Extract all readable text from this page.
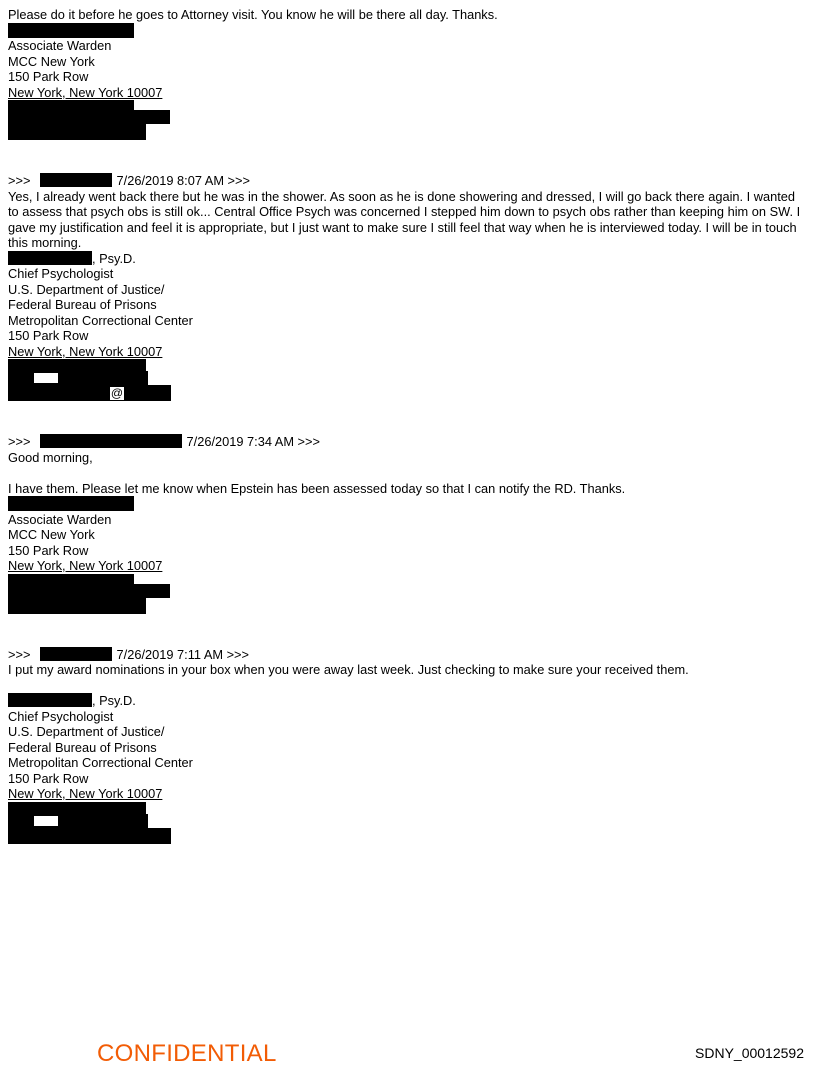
Please do it before he goes to Attorney visit. You know he will be there all day. Thanks.
Associate Warden
MCC New York
150 Park Row
New York, New York 10007
>>>	7/26/2019 8:07 AM >>>
Yes, I already went back there but he was in the shower. As soon as he is done showering and dressed, I will go back there again. I wanted to assess that psych obs is still ok... Central Office Psych was concerned I stepped him down to psych obs rather than keeping him on SW. I gave my justification and feel it is appropriate, but I just want to make sure I still feel that way when he is interviewed today. I will be in touch this morning.
, Psy.D.
Chief Psychologist
U.S. Department of Justice/
Federal Bureau of Prisons
Metropolitan Correctional Center
150 Park Row
New York, New York 10007
@
>>>	7/26/2019 7:34 AM >>>
Good morning,
I have them. Please let me know when Epstein has been assessed today so that I can notify the RD. Thanks.
Associate Warden
MCC New York
150 Park Row
New York, New York 10007
>>>	7/26/2019 7:11 AM >>>
I put my award nominations in your box when you were away last week. Just checking to make sure your received them.
, Psy.D.
Chief Psychologist
U.S. Department of Justice/
Federal Bureau of Prisons
Metropolitan Correctional Center
150 Park Row
New York, New York 10007
CONFIDENTIAL	SDNY_00012592
